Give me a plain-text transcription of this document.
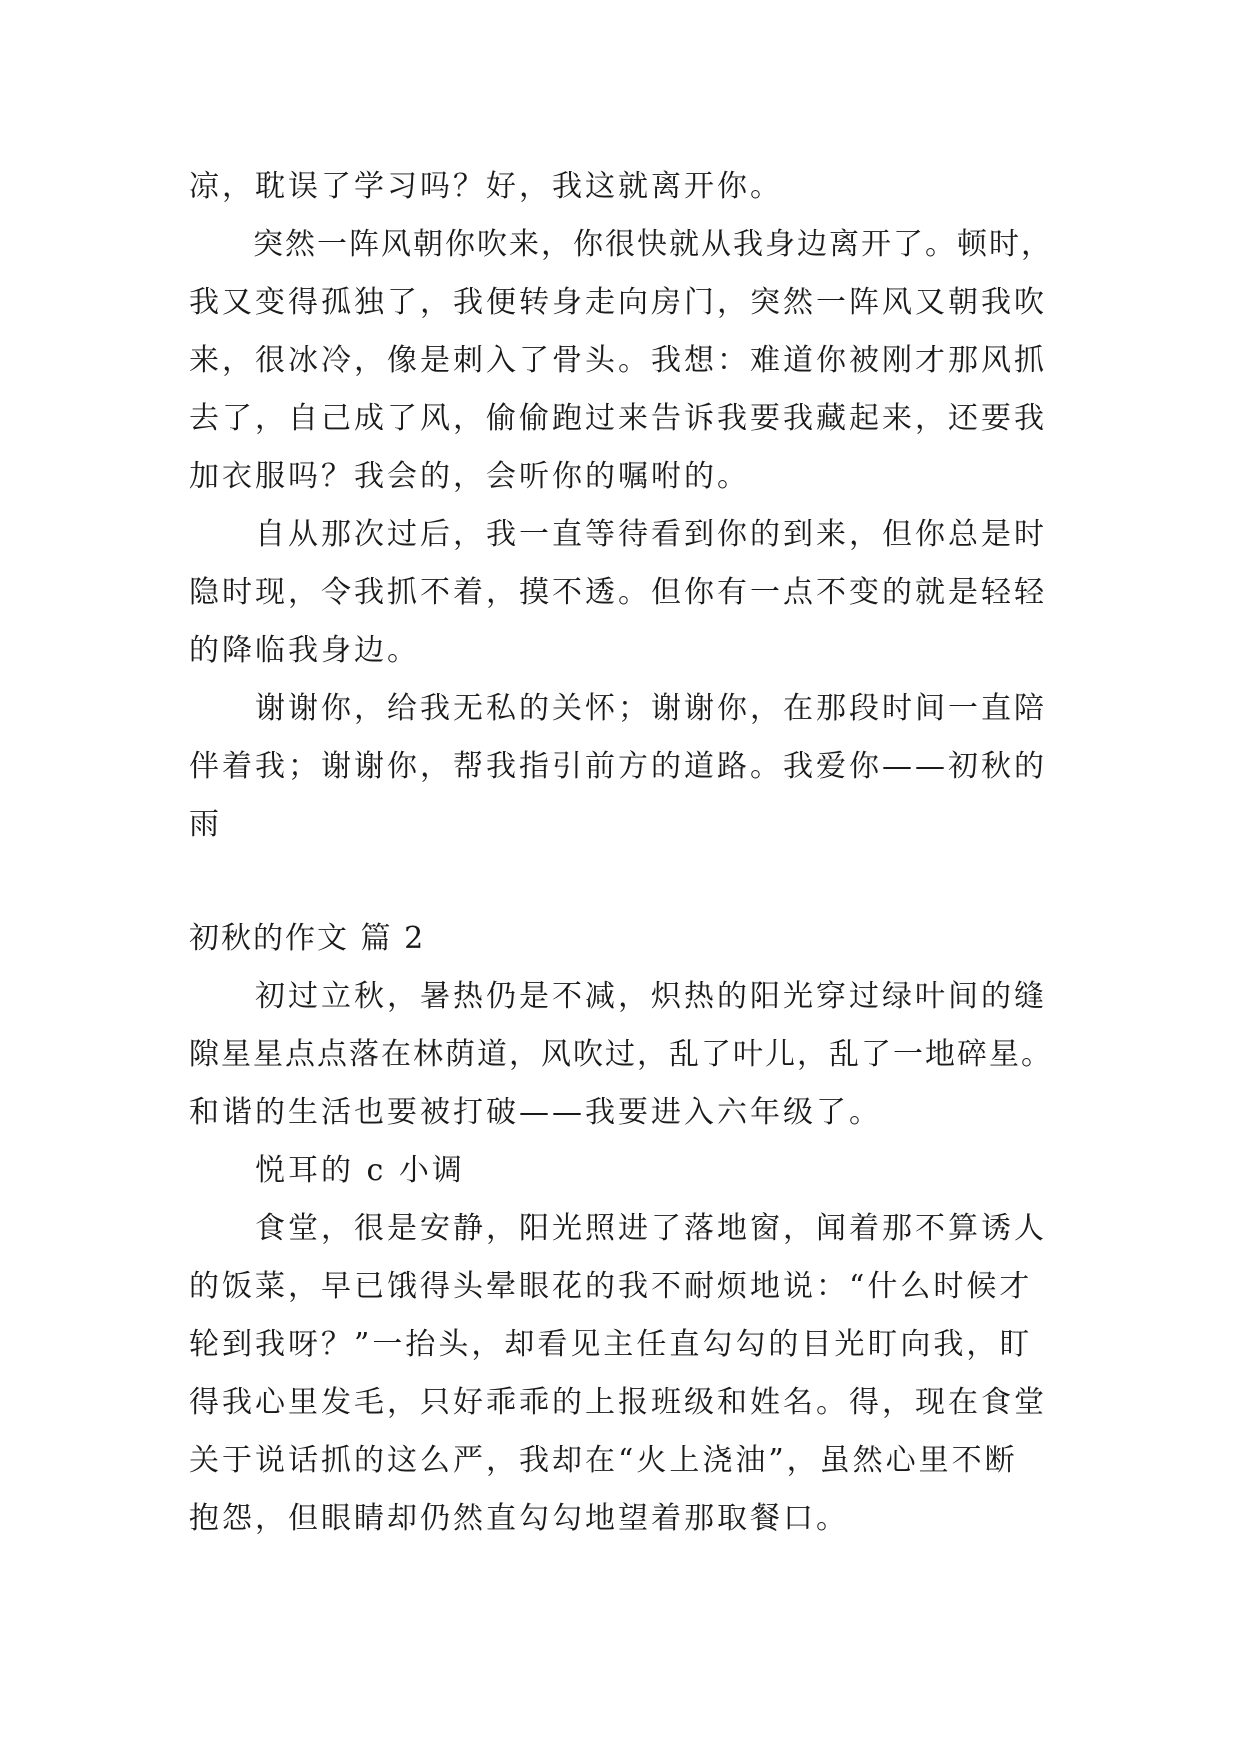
凉，耽误了学习吗？好，我这就离开你。

　　突然一阵风朝你吹来，你很快就从我身边离开了。顿时，

我又变得孤独了，我便转身走向房门，突然一阵风又朝我吹

来，很冰冷，像是刺入了骨头。我想：难道你被刚才那风抓

去了，自己成了风，偷偷跑过来告诉我要我藏起来，还要我

加衣服吗？我会的，会听你的嘱咐的。

　　自从那次过后，我一直等待看到你的到来，但你总是时

隐时现，令我抓不着，摸不透。但你有一点不变的就是轻轻

的降临我身边。

　　谢谢你，给我无私的关怀；谢谢你，在那段时间一直陪

伴着我；谢谢你，帮我指引前方的道路。我爱你——初秋的

雨

初秋的作文 篇 2

　　初过立秋，暑热仍是不减，炽热的阳光穿过绿叶间的缝

隙星星点点落在林荫道，风吹过，乱了叶儿，乱了一地碎星。

和谐的生活也要被打破——我要进入六年级了。

　　悦耳的 c 小调

　　食堂，很是安静，阳光照进了落地窗，闻着那不算诱人

的饭菜，早已饿得头晕眼花的我不耐烦地说：“什么时候才

轮到我呀？”一抬头，却看见主任直勾勾的目光盯向我，盯

得我心里发毛，只好乖乖的上报班级和姓名。得，现在食堂

关于说话抓的这么严，我却在“火上浇油”，虽然心里不断

抱怨，但眼睛却仍然直勾勾地望着那取餐口。
